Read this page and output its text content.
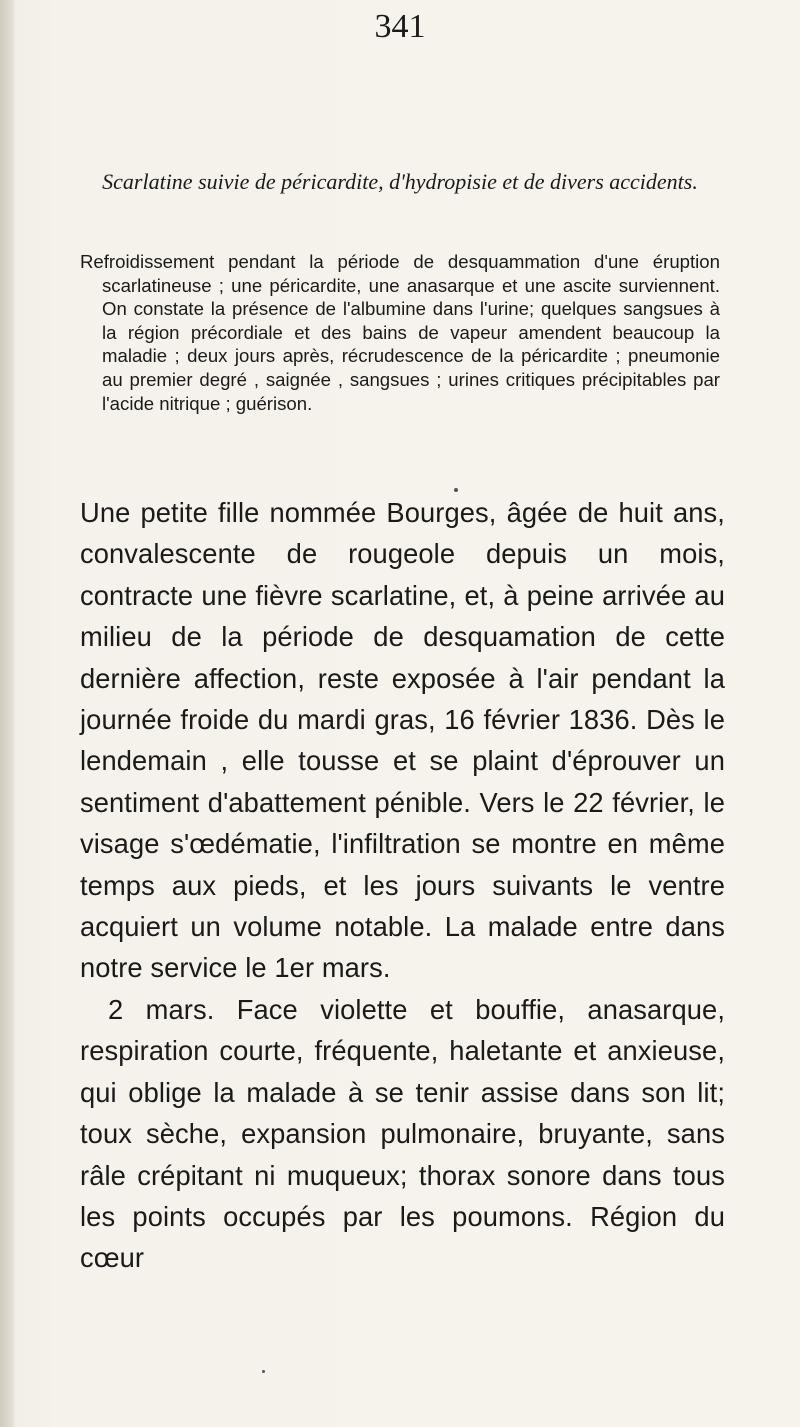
341
Scarlatine suivie de péricardite, d'hydropisie et de divers accidents.
Refroidissement pendant la période de desquammation d'une éruption scarlatineuse ; une péricardite, une anasarque et une ascite surviennent. On constate la présence de l'albumine dans l'urine; quelques sangsues à la région précordiale et des bains de vapeur amendent beaucoup la maladie ; deux jours après, récrudescence de la péricardite ; pneumonie au premier degré , saignée , sangsues ; urines critiques précipitables par l'acide nitrique ; guérison.

Une petite fille nommée Bourges, âgée de huit ans, convalescente de rougeole depuis un mois, contracte une fièvre scarlatine, et, à peine arrivée au milieu de la période de desquamation de cette dernière affection, reste exposée à l'air pendant la journée froide du mardi gras, 16 février 1836. Dès le lendemain , elle tousse et se plaint d'éprouver un sentiment d'abattement pénible. Vers le 22 février, le visage s'œdématie, l'infiltration se montre en même temps aux pieds, et les jours suivants le ventre acquiert un volume notable. La malade entre dans notre service le 1er mars.

2 mars. Face violette et bouffie, anasarque, respiration courte, fréquente, haletante et anxieuse, qui oblige la malade à se tenir assise dans son lit; toux sèche, expansion pulmonaire, bruyante, sans râle crépitant ni muqueux; thorax sonore dans tous les points occupés par les poumons. Région du cœur
